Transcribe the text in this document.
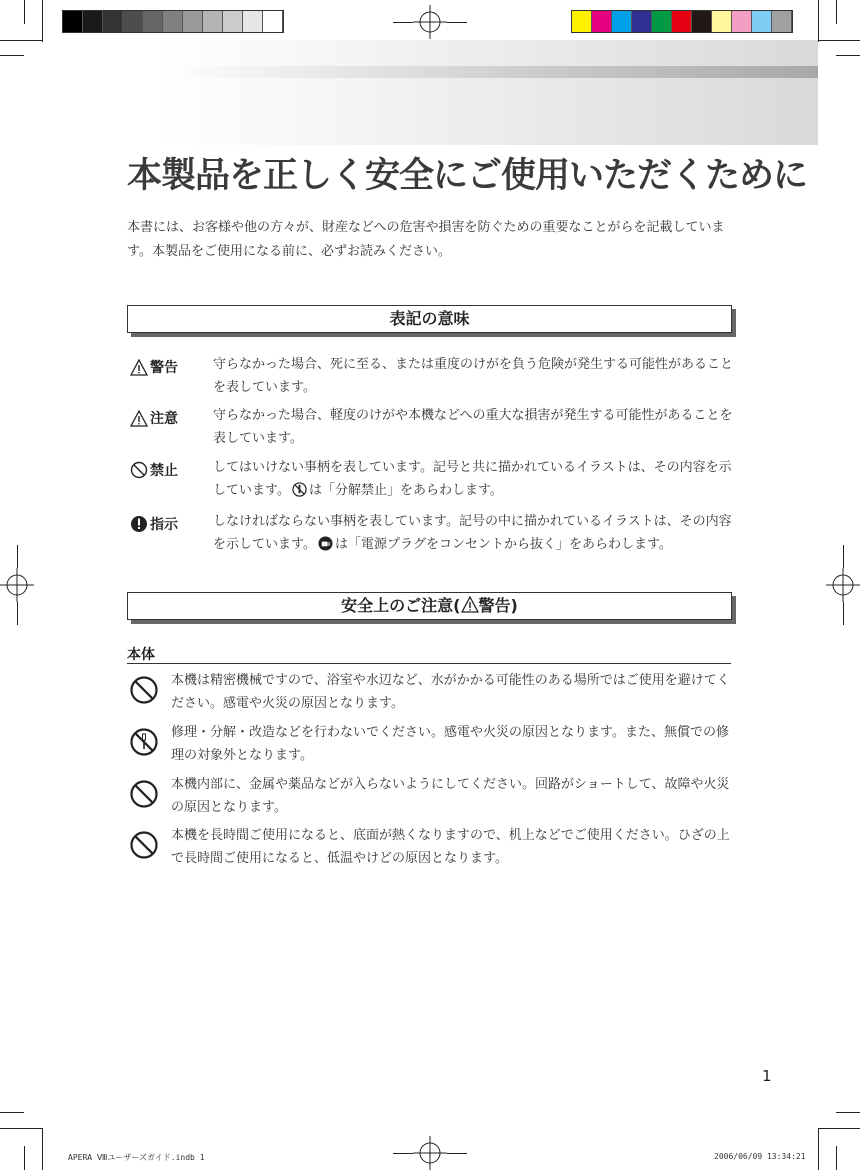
本製品を正しく安全にご使用いただくために

本書には、お客様や他の方々が、財産などへの危害や損害を防ぐための重要なことがらを記載しています。本製品をご使用になる前に、必ずお読みください。

表記の意味
警告	守らなかった場合、死に至る、または重度のけがを負う危険が発生する可能性があることを表しています。
注意	守らなかった場合、軽度のけがや本機などへの重大な損害が発生する可能性があることを表しています。
禁止	してはいけない事柄を表しています。記号と共に描かれているイラストは、その内容を示しています。 は「分解禁止」をあらわします。
指示	しなければならない事柄を表しています。記号の中に描かれているイラストは、その内容を示しています。 は「電源プラグをコンセントから抜く」をあらわします。
安全上のご注意( 警告)
本体
本機は精密機械ですので、浴室や水辺など、水がかかる可能性のある場所ではご使用を避けてください。感電や火災の原因となります。
修理・分解・改造などを行わないでください。感電や火災の原因となります。また、無償での修理の対象外となります。
本機内部に、金属や薬品などが入らないようにしてください。回路がショートして、故障や火災の原因となります。
本機を長時間ご使用になると、底面が熱くなりますので、机上などでご使用ください。ひざの上で長時間ご使用になると、低温やけどの原因となります。
1
APERA Ⅷユーザーズガイド.indb 1	2006/06/09 13:34:21
